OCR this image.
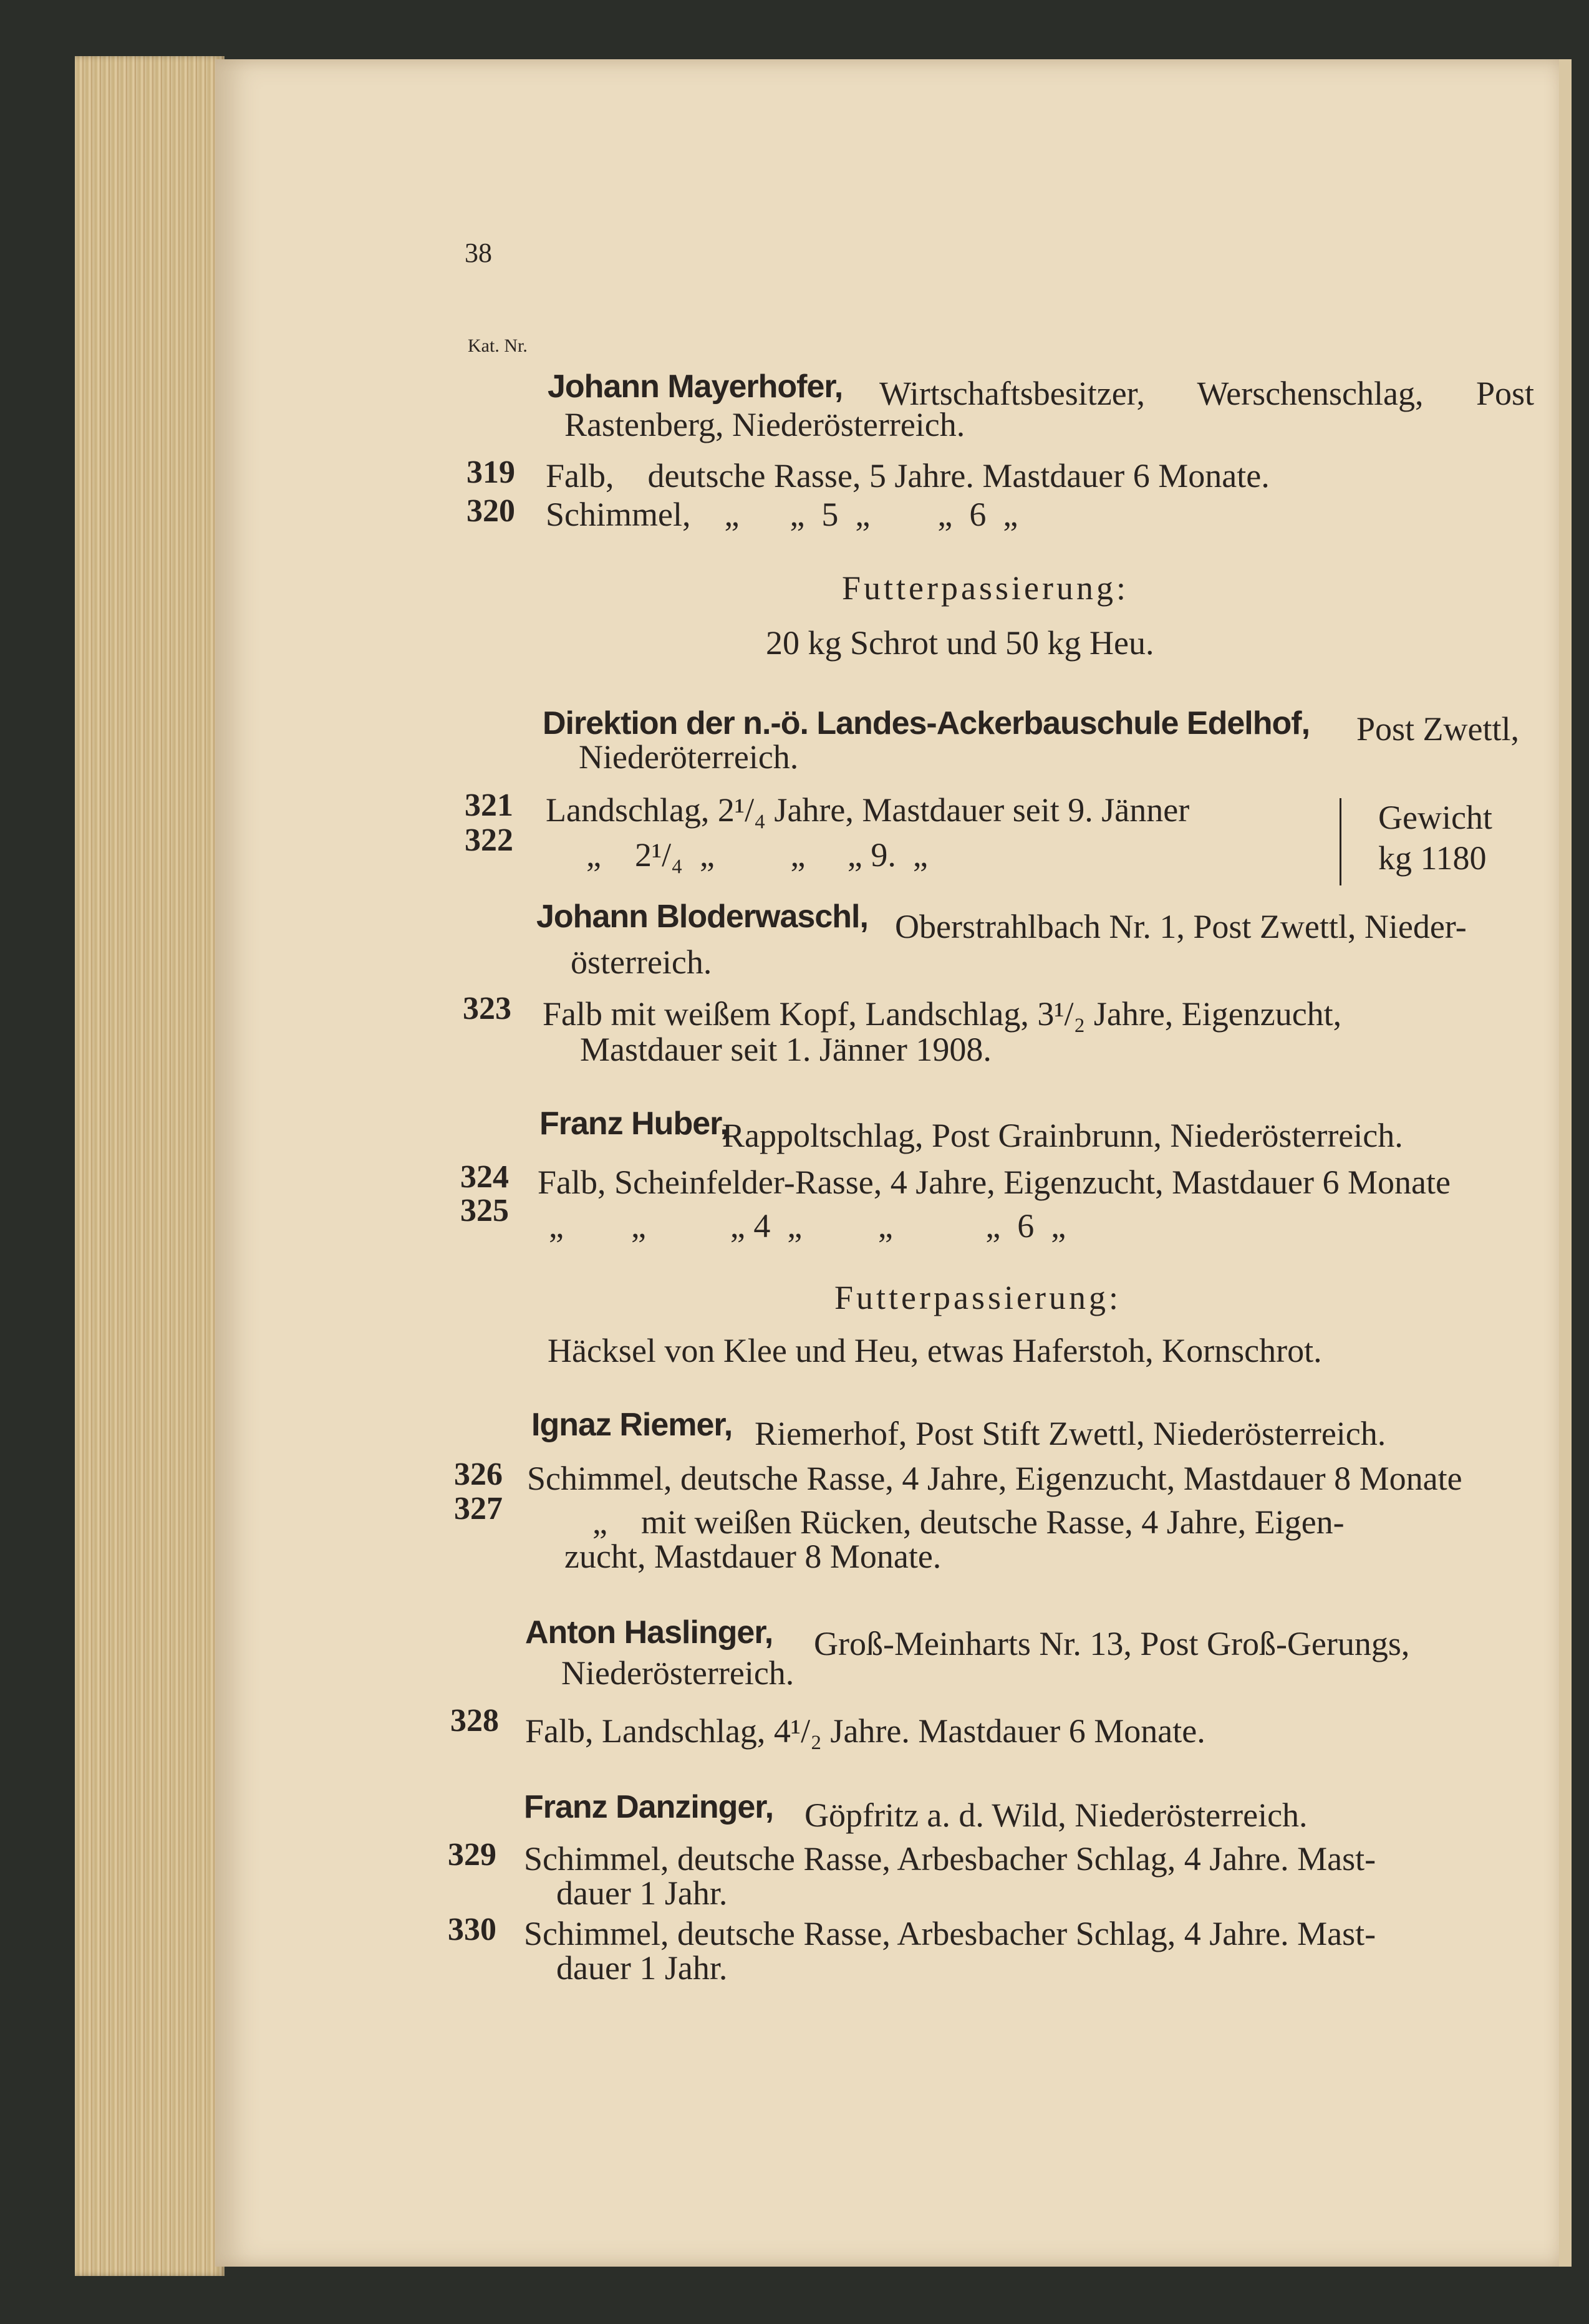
38
Kat. Nr.
Johann Mayerhofer, Wirtschaftsbesitzer, Werschenschlag, Post
Rastenberg, Niederösterreich.
319 Falb,    deutsche Rasse, 5 Jahre. Mastdauer 6 Monate.
320 Schimmel,    „      „  5  „        „  6  „
Futterpassierung:
20 kg Schrot und 50 kg Heu.
Direktion der n.-ö. Landes-Ackerbauschule Edelhof, Post Zwettl,
Niederöterreich.
321 Landschlag, 2¹/₄ Jahre, Mastdauer seit 9. Jänner
322 „    2¹/₄  „         „     „ 9.  „
Gewicht
kg 1180
Johann Bloderwaschl, Oberstrahlbach Nr. 1, Post Zwettl, Nieder-
österreich.
323 Falb mit weißem Kopf, Landschlag, 3¹/₂ Jahre, Eigenzucht,
Mastdauer seit 1. Jänner 1908.
Franz Huber,
Rappoltschlag, Post Grainbrunn, Niederösterreich.
324 Falb, Scheinfelder-Rasse, 4 Jahre, Eigenzucht, Mastdauer 6 Monate
325 „        „          „ 4  „         „           „  6  „
Futterpassierung:
Häcksel von Klee und Heu, etwas Haferstoh, Kornschrot.
Ignaz Riemer, Riemerhof, Post Stift Zwettl, Niederösterreich.
326 Schimmel, deutsche Rasse, 4 Jahre, Eigenzucht, Mastdauer 8 Monate
327	„    mit weißen Rücken, deutsche Rasse, 4 Jahre, Eigen-
zucht, Mastdauer 8 Monate.
Anton Haslinger, Groß-Meinharts Nr. 13, Post Groß-Gerungs,
Niederösterreich.
328 Falb, Landschlag, 4¹/₂ Jahre. Mastdauer 6 Monate.
Franz Danzinger, Göpfritz a. d. Wild, Niederösterreich.
329 Schimmel, deutsche Rasse, Arbesbacher Schlag, 4 Jahre. Mast-
dauer 1 Jahr.
330 Schimmel, deutsche Rasse, Arbesbacher Schlag, 4 Jahre. Mast-
dauer 1 Jahr.
